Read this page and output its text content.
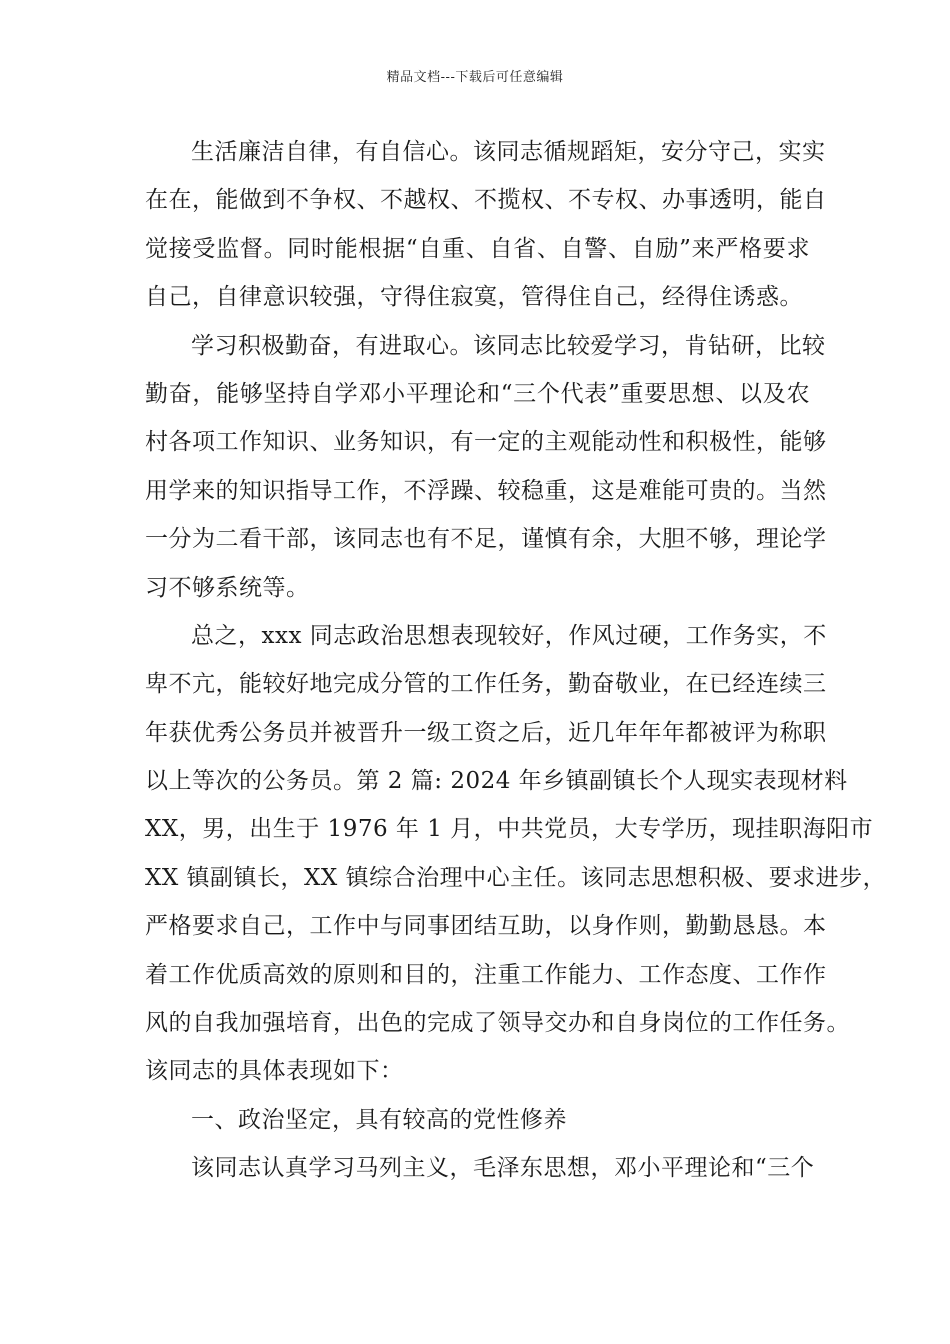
精品文档---下载后可任意编辑
生活廉洁自律，有自信心。该同志循规蹈矩，安分守己，实实
在在，能做到不争权、不越权、不揽权、不专权、办事透明，能自
觉接受监督。同时能根据“自重、自省、自警、自励”来严格要求
自己，自律意识较强，守得住寂寞，管得住自己，经得住诱惑。
学习积极勤奋，有进取心。该同志比较爱学习，肯钻研，比较
勤奋，能够坚持自学邓小平理论和“三个代表”重要思想、以及农
村各项工作知识、业务知识，有一定的主观能动性和积极性，能够
用学来的知识指导工作，不浮躁、较稳重，这是难能可贵的。当然
一分为二看干部，该同志也有不足，谨慎有余，大胆不够，理论学
习不够系统等。
总之，xxx 同志政治思想表现较好，作风过硬，工作务实，不
卑不亢，能较好地完成分管的工作任务，勤奋敬业，在已经连续三
年获优秀公务员并被晋升一级工资之后，近几年年年都被评为称职
以上等次的公务员。第 2 篇: 2024 年乡镇副镇长个人现实表现材料
XX，男，出生于 1976 年 1 月，中共党员，大专学历，现挂职海阳市
XX 镇副镇长，XX 镇综合治理中心主任。该同志思想积极、要求进步，
严格要求自己，工作中与同事团结互助，以身作则，勤勤恳恳。本
着工作优质高效的原则和目的，注重工作能力、工作态度、工作作
风的自我加强培育，出色的完成了领导交办和自身岗位的工作任务。
该同志的具体表现如下：
一、政治坚定，具有较高的党性修养
该同志认真学习马列主义，毛泽东思想，邓小平理论和“三个
